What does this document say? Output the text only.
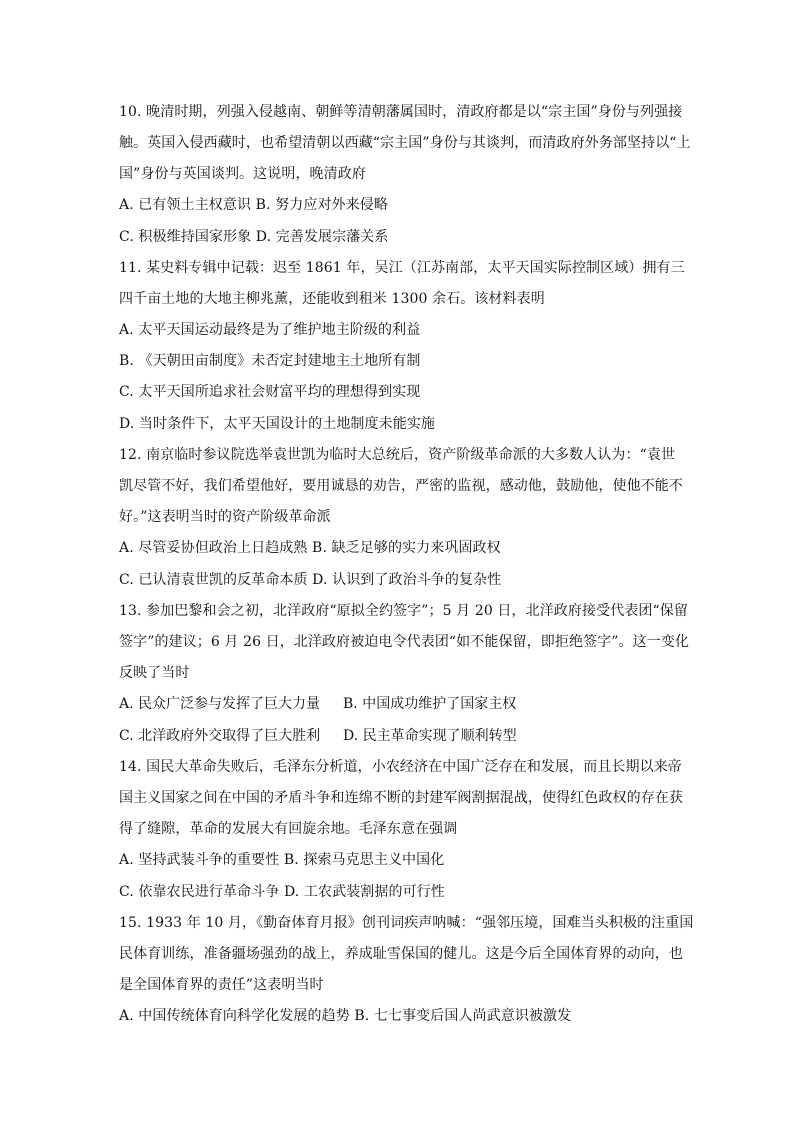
10. 晚清时期，列强入侵越南、朝鲜等清朝藩属国时，清政府都是以“宗主国”身份与列强接
触。英国入侵西藏时，也希望清朝以西藏“宗主国”身份与其谈判，而清政府外务部坚持以“上
国”身份与英国谈判。这说明，晚清政府
A. 已有领土主权意识 B. 努力应对外来侵略
C. 积极维持国家形象 D. 完善发展宗藩关系
11. 某史料专辑中记载：迟至 1861 年，吴江（江苏南部，太平天国实际控制区域）拥有三
四千亩土地的大地主柳兆薰，还能收到租米 1300 余石。该材料表明
A. 太平天国运动最终是为了维护地主阶级的利益
B. 《天朝田亩制度》未否定封建地主土地所有制
C. 太平天国所追求社会财富平均的理想得到实现
D. 当时条件下，太平天国设计的土地制度未能实施
12. 南京临时参议院选举袁世凯为临时大总统后，资产阶级革命派的大多数人认为：“袁世
凯尽管不好，我们希望他好，要用诚恳的劝告，严密的监视，感动他，鼓励他，使他不能不
好。”这表明当时的资产阶级革命派
A. 尽管妥协但政治上日趋成熟 B. 缺乏足够的实力来巩固政权
C. 已认清袁世凯的反革命本质 D. 认识到了政治斗争的复杂性
13. 参加巴黎和会之初，北洋政府“原拟全约签字”；5 月 20 日，北洋政府接受代表团“保留
签字”的建议；6 月 26 日，北洋政府被迫电令代表团“如不能保留，即拒绝签字”。这一变化
反映了当时
A. 民众广泛参与发挥了巨大力量 B. 中国成功维护了国家主权
C. 北洋政府外交取得了巨大胜利 D. 民主革命实现了顺利转型
14. 国民大革命失败后，毛泽东分析道，小农经济在中国广泛存在和发展，而且长期以来帝
国主义国家之间在中国的矛盾斗争和连绵不断的封建军阀割据混战，使得红色政权的存在获
得了缝隙，革命的发展大有回旋余地。毛泽东意在强调
A. 坚持武装斗争的重要性 B. 探索马克思主义中国化
C. 依靠农民进行革命斗争 D. 工农武装割据的可行性
15. 1933 年 10 月，《勤奋体育月报》创刊词疾声呐喊：“强邻压境，国难当头积极的注重国
民体育训练，准备疆场强劲的战上，养成耻雪保国的健儿。这是今后全国体育界的动向，也
是全国体育界的责任”这表明当时
A. 中国传统体育向科学化发展的趋势 B. 七七事变后国人尚武意识被激发
